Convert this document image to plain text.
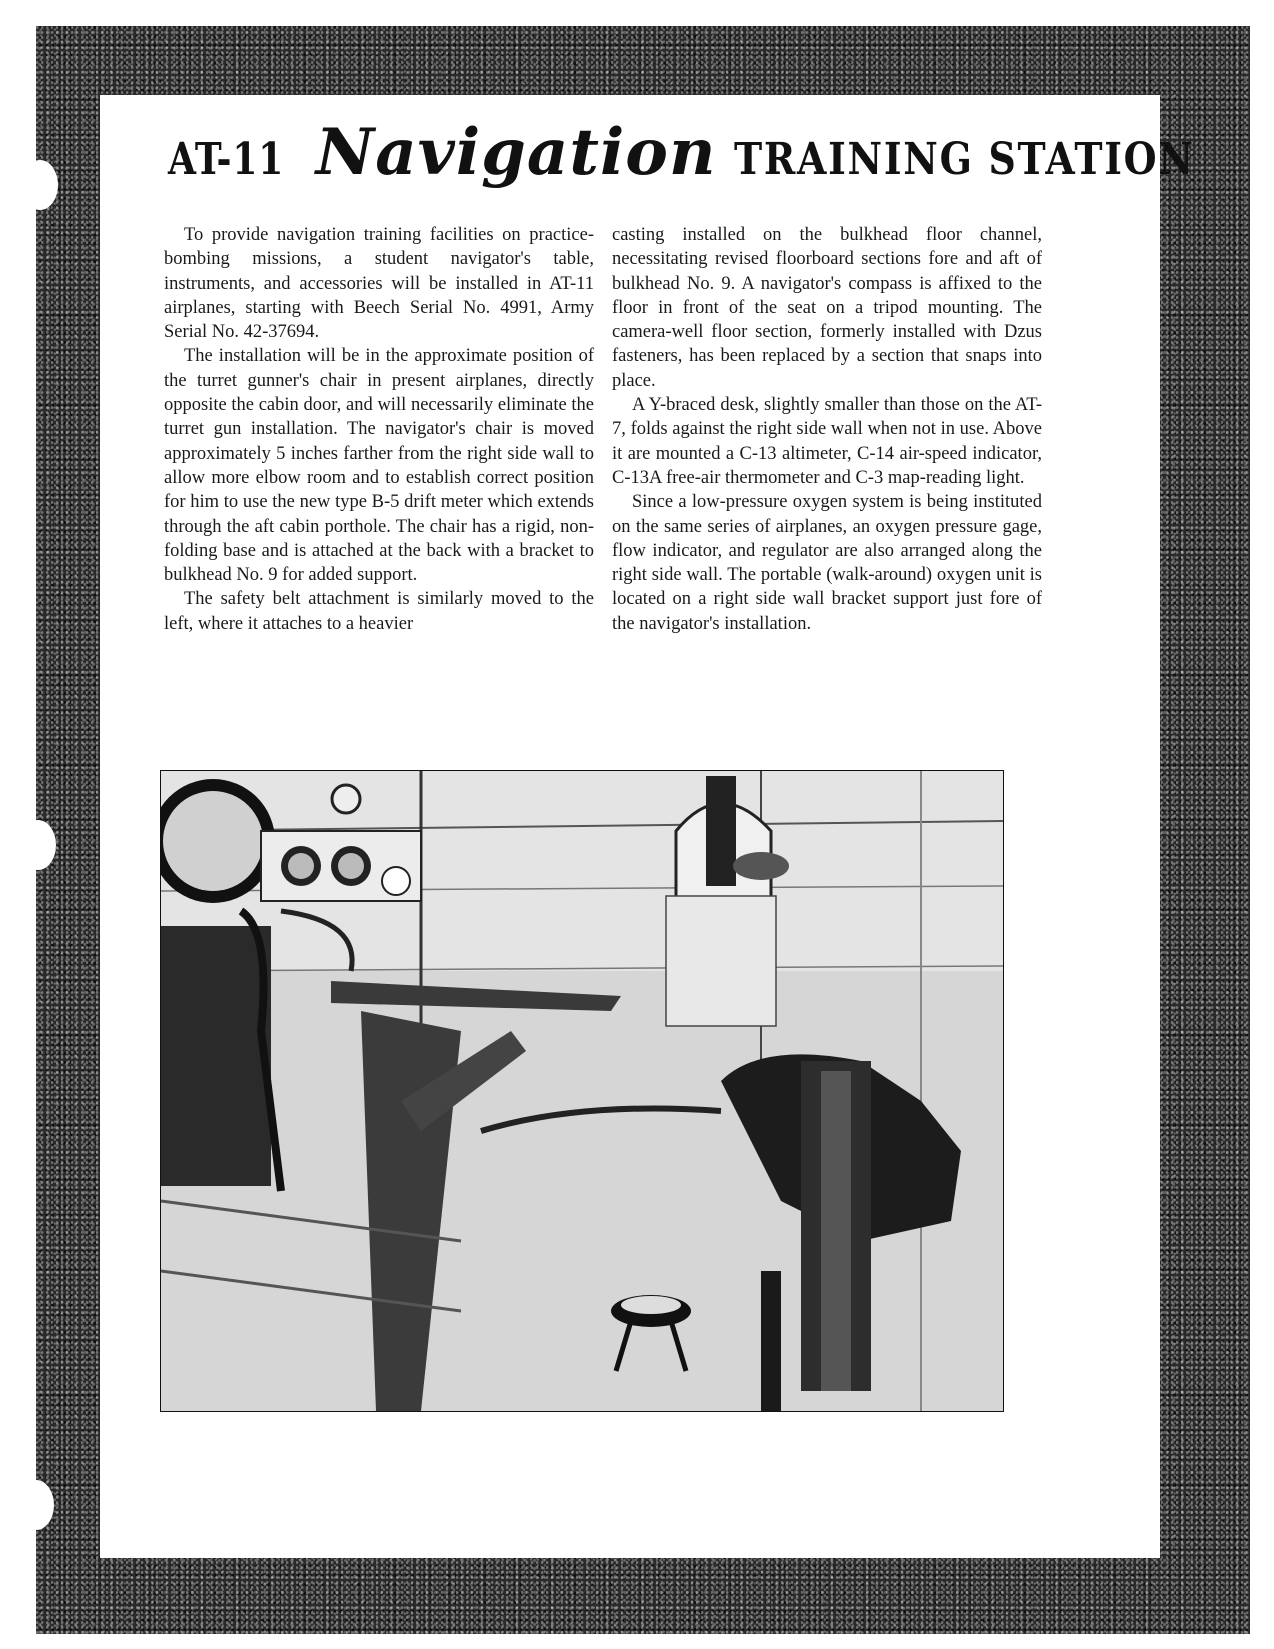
AT-11 Navigation TRAINING STATION

To provide navigation training facilities on practice-bombing missions, a student navigator's table, instruments, and accessories will be installed in AT-11 airplanes, starting with Beech Serial No. 4991, Army Serial No. 42-37694.

The installation will be in the approximate position of the turret gunner's chair in present airplanes, directly opposite the cabin door, and will necessarily eliminate the turret gun installation. The navigator's chair is moved approximately 5 inches farther from the right side wall to allow more elbow room and to establish correct position for him to use the new type B-5 drift meter which extends through the aft cabin porthole. The chair has a rigid, non-folding base and is attached at the back with a bracket to bulkhead No. 9 for added support.

The safety belt attachment is similarly moved to the left, where it attaches to a heavier

casting installed on the bulkhead floor channel, necessitating revised floorboard sections fore and aft of bulkhead No. 9. A navigator's compass is affixed to the floor in front of the seat on a tripod mounting. The camera-well floor section, formerly installed with Dzus fasteners, has been replaced by a section that snaps into place.

A Y-braced desk, slightly smaller than those on the AT-7, folds against the right side wall when not in use. Above it are mounted a C-13 altimeter, C-14 air-speed indicator, C-13A free-air thermometer and C-3 map-reading light.

Since a low-pressure oxygen system is being instituted on the same series of airplanes, an oxygen pressure gage, flow indicator, and regulator are also arranged along the right side wall. The portable (walk-around) oxygen unit is located on a right side wall bracket support just fore of the navigator's installation.
